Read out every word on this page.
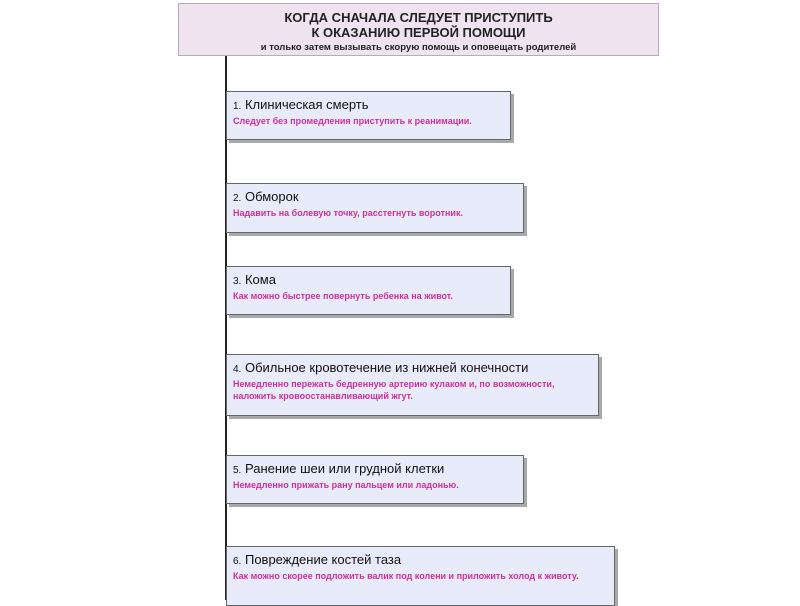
КОГДА СНАЧАЛА СЛЕДУЕТ ПРИСТУПИТЬ
К ОКАЗАНИЮ ПЕРВОЙ ПОМОЩИ
и только затем вызывать скорую помощь и оповещать родителей
1. Клиническая смерть
Следует без промедления приступить к реанимации.
2. Обморок
Надавить на болевую точку, расстегнуть воротник.
3. Кома
Как можно быстрее повернуть ребенка на живот.
4. Обильное кровотечение из нижней конечности
Немедленно пережать бедренную артерию кулаком и, по возможности, наложить кровоостанавливающий жгут.
5. Ранение шеи или грудной клетки
Немедленно прижать рану пальцем или ладонью.
6. Повреждение костей таза
Как можно скорее подложить валик под колени и приложить холод к животу.
